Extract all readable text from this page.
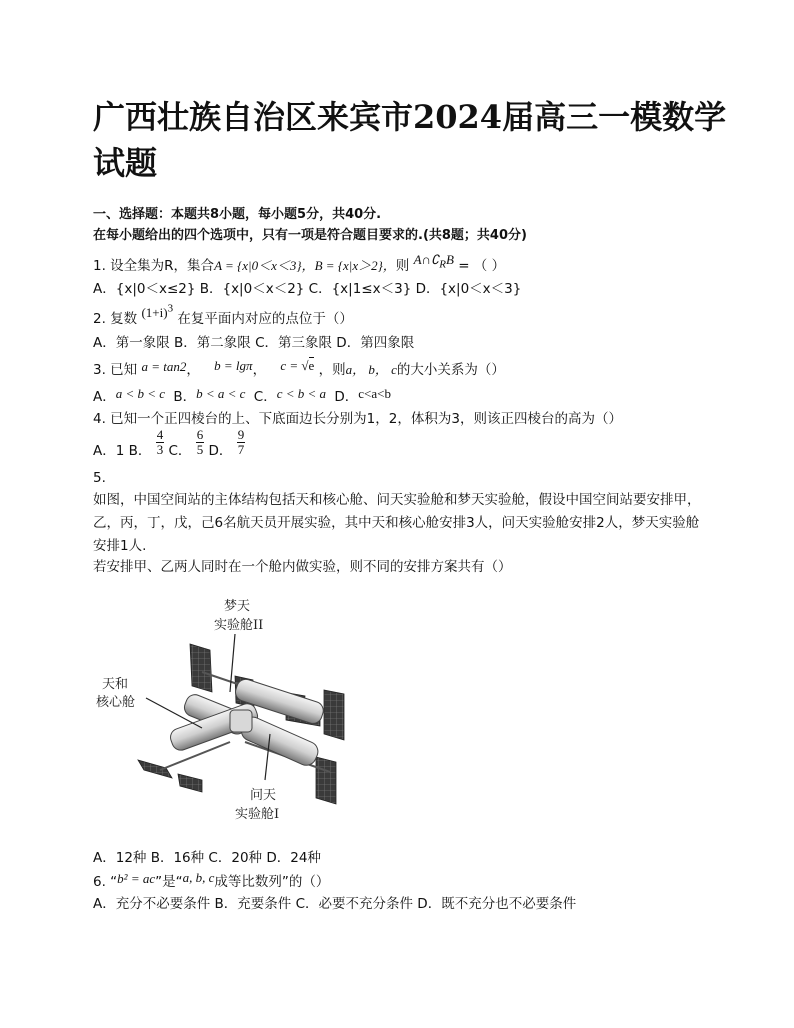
广西壮族自治区来宾市2024届高三一模数学
试题
一、选择题：本题共8小题，每小题5分，共40分.
在每小题给出的四个选项中，只有一项是符合题目要求的.(共8题；共40分)
1. 设全集为R，集合A = {x|0＜x＜3}，B = {x|x＞2}，则 $A\cap∁_RB$ = （ ）
A．{x|0＜x≤2} B．{x|0＜x＜2} C．{x|1≤x＜3} D．{x|0＜x＜3}
2. 复数 $(1+i)^3$ 在复平面内对应的点位于（）
A．第一象限 B．第二象限 C．第三象限 D．第四象限
3. 已知 a = tan2， b = lgπ， c = √e ，则a， b， c的大小关系为（）
A．a < b < c B．b < a < c C．c < b < a D．c<a<b
4. 已知一个正四棱台的上、下底面边长分别为1，2，体积为3，则该正四棱台的高为（）
A．1 B． $\frac{4}{3}$ C． $\frac{6}{5}$ D． $\frac{9}{7}$
5.
如图，中国空间站的主体结构包括天和核心舱、问天实验舱和梦天实验舱，假设中国空间站要安排甲，乙，丙，丁，戊，己6名航天员开展实验，其中天和核心舱安排3人，问天实验舱安排2人，梦天实验舱安排1人.
若安排甲、乙两人同时在一个舱内做实验，则不同的安排方案共有（）
梦天
实验舱II
天和
核心舱
问天
实验舱I
A．12种 B．16种 C．20种 D．24种
6. “b² = ac”是“a, b, c成等比数列”的（）
A．充分不必要条件 B．充要条件 C．必要不充分条件 D．既不充分也不必要条件
